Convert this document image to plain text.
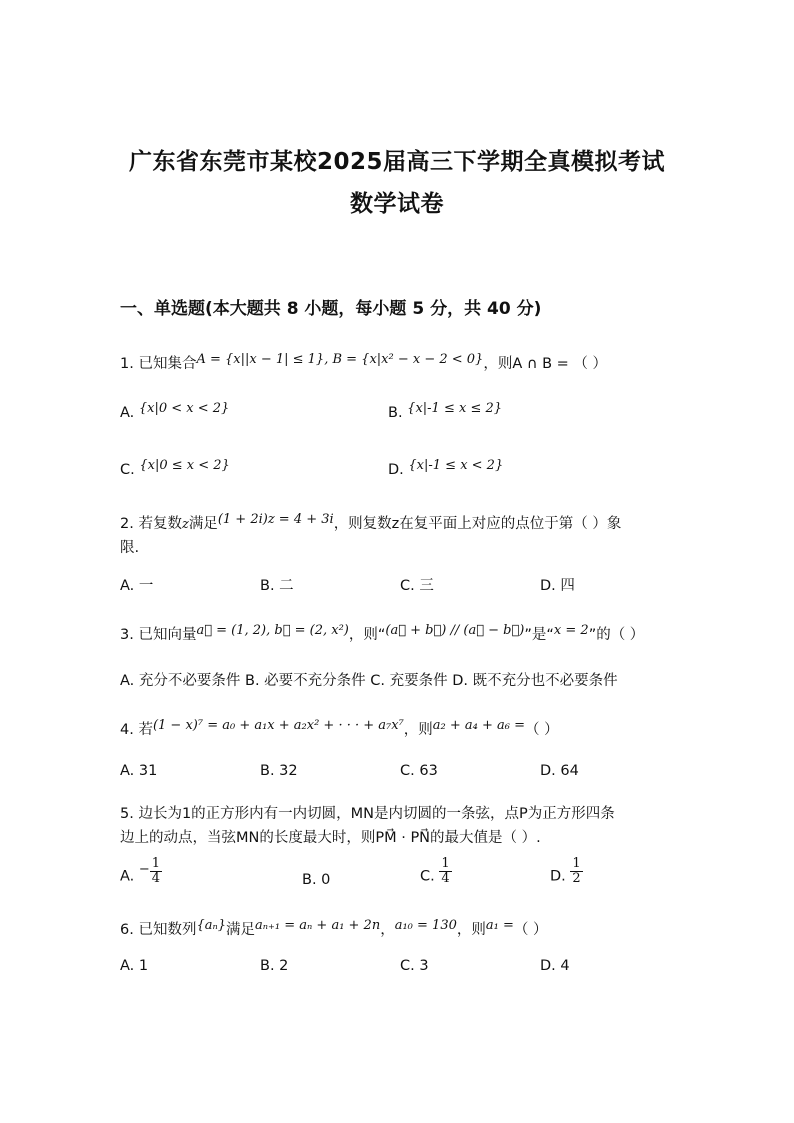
广东省东莞市某校2025届高三下学期全真模拟考试
数学试卷
一、单选题(本大题共 8 小题，每小题 5 分，共 40 分)
1. 已知集合A = {x||x − 1| ≤ 1}, B = {x|x² − x − 2 < 0}，则A ∩ B = （ ）
A. {x|0 < x < 2}	B. {x|-1 ≤ x ≤ 2}
C. {x|0 ≤ x < 2}	D. {x|-1 ≤ x < 2}
2. 若复数z满足(1 + 2i)z = 4 + 3i，则复数z在复平面上对应的点位于第（ ）象
限.
A. 一	B. 二	C. 三	D. 四
3. 已知向量a⃗ = (1, 2), b⃗ = (2, x²)，则“(a⃗ + b⃗) // (a⃗ − b⃗)”是“x = 2”的（ ）
A. 充分不必要条件 B. 必要不充分条件 C. 充要条件 D. 既不充分也不必要条件
4. 若(1 − x)⁷ = a₀ + a₁x + a₂x² + · · · + a₇x⁷，则a₂ + a₄ + a₆ =（ ）
A. 31	B. 32	C. 63	D. 64
5. 边长为1的正方形内有一内切圆，MN是内切圆的一条弦，点P为正方形四条
边上的动点，当弦MN的长度最大时，则PM⃗ · PN⃗的最大值是（ ）.
A. − $\frac{1}{4}$	B. 0	C. $\frac{1}{4}$	D. $\frac{1}{2}$
6. 已知数列{aₙ}满足aₙ₊₁ = aₙ + a₁ + 2n，a₁₀ = 130，则a₁ =（ ）
A. 1	B. 2	C. 3	D. 4
